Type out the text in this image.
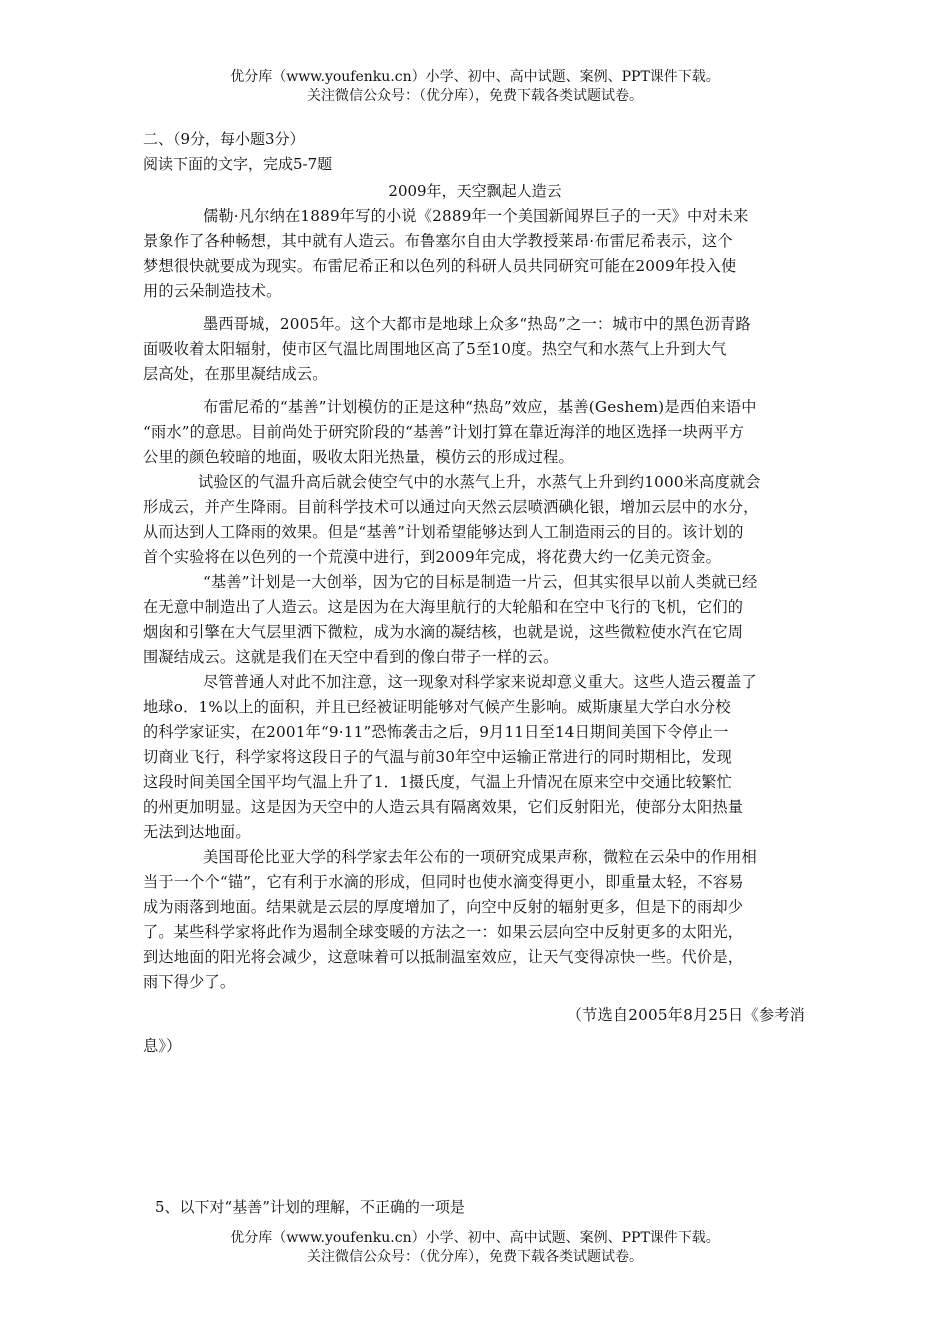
优分库（www.youfenku.cn）小学、初中、高中试题、案例、PPT课件下载。
关注微信公众号：（优分库），免费下载各类试题试卷。
二、（9分，每小题3分）
阅读下面的文字，完成5-7题
2009年，天空飘起人造云
儒勒·凡尔纳在1889年写的小说《2889年一个美国新闻界巨子的一天》中对未来
景象作了各种畅想，其中就有人造云。布鲁塞尔自由大学教授莱昂·布雷尼希表示，这个
梦想很快就要成为现实。布雷尼希正和以色列的科研人员共同研究可能在2009年投入使
用的云朵制造技术。
墨西哥城，2005年。这个大都市是地球上众多“热岛”之一：城市中的黑色沥青路
面吸收着太阳辐射，使市区气温比周围地区高了5至10度。热空气和水蒸气上升到大气
层高处，在那里凝结成云。
布雷尼希的“基善”计划模仿的正是这种“热岛”效应，基善(Geshem)是西伯来语中
“雨水”的意思。目前尚处于研究阶段的“基善”计划打算在靠近海洋的地区选择一块两平方
公里的颜色较暗的地面，吸收太阳光热量，模仿云的形成过程。
试验区的气温升高后就会使空气中的水蒸气上升，水蒸气上升到约1000米高度就会
形成云，并产生降雨。目前科学技术可以通过向天然云层喷洒碘化银，增加云层中的水分，
从而达到人工降雨的效果。但是“基善”计划希望能够达到人工制造雨云的目的。该计划的
首个实验将在以色列的一个荒漠中进行，到2009年完成，将花费大约一亿美元资金。
“基善”计划是一大创举，因为它的目标是制造一片云，但其实很早以前人类就已经
在无意中制造出了人造云。这是因为在大海里航行的大轮船和在空中飞行的飞机，它们的
烟囱和引擎在大气层里洒下微粒，成为水滴的凝结核，也就是说，这些微粒使水汽在它周
围凝结成云。这就是我们在天空中看到的像白带子一样的云。
尽管普通人对此不加注意，这一现象对科学家来说却意义重大。这些人造云覆盖了
地球o．1%以上的面积，并且已经被证明能够对气候产生影响。威斯康星大学白水分校
的科学家证实，在2001年“9·11”恐怖袭击之后，9月11日至14日期间美国下令停止一
切商业飞行，科学家将这段日子的气温与前30年空中运输正常进行的同时期相比，发现
这段时间美国全国平均气温上升了1．1摄氏度，气温上升情况在原来空中交通比较繁忙
的州更加明显。这是因为天空中的人造云具有隔离效果，它们反射阳光，使部分太阳热量
无法到达地面。
美国哥伦比亚大学的科学家去年公布的一项研究成果声称，微粒在云朵中的作用相
当于一个个“锚”，它有利于水滴的形成，但同时也使水滴变得更小，即重量太轻，不容易
成为雨落到地面。结果就是云层的厚度增加了，向空中反射的辐射更多，但是下的雨却少
了。某些科学家将此作为遏制全球变暖的方法之一：如果云层向空中反射更多的太阳光，
到达地面的阳光将会减少，这意味着可以抵制温室效应，让天气变得凉快一些。代价是，
雨下得少了。
（节选自2005年8月25日《参考消
息》）
5、以下对“基善”计划的理解，不正确的一项是
优分库（www.youfenku.cn）小学、初中、高中试题、案例、PPT课件下载。
关注微信公众号：（优分库），免费下载各类试题试卷。
